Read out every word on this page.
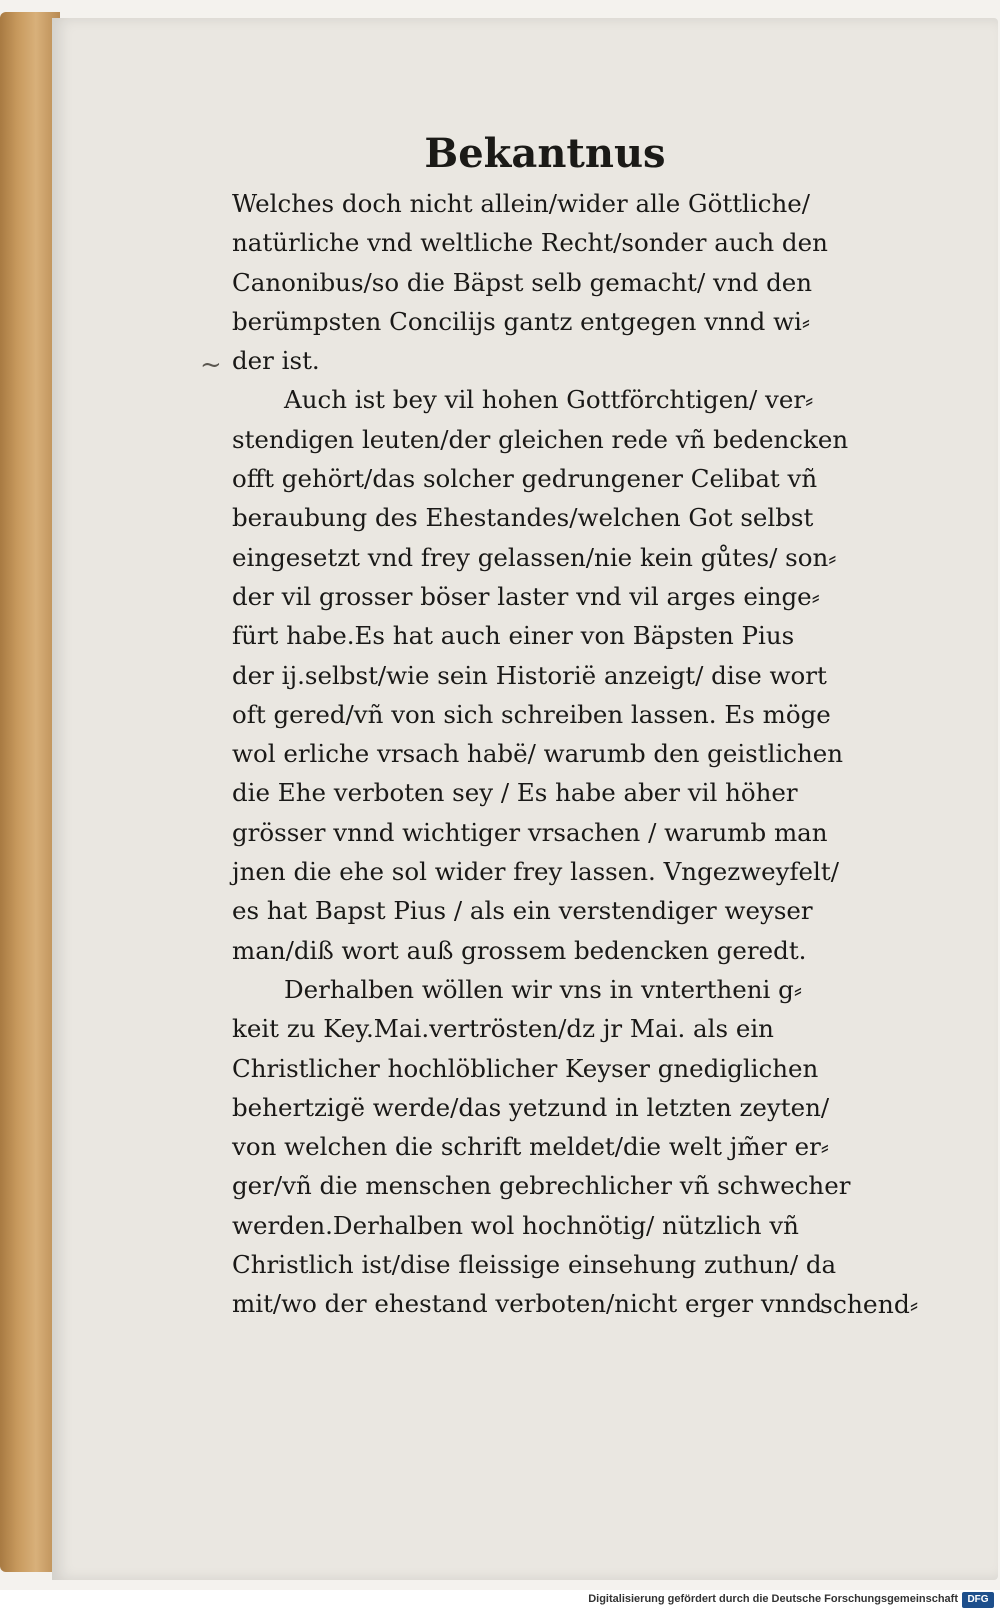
Bekantnus
~
Welches doch nicht allein/wider alle Göttliche/
natürliche vnd weltliche Recht/sonder auch den
Canonibus/so die Bäpst selb gemacht/ vnd den
berümpsten Concilijs gantz entgegen vnnd wi⸗
der ist.
Auch ist bey vil hohen Gottförchtigen/ ver⸗
stendigen leuten/der gleichen rede vñ bedencken
offt gehört/das solcher gedrungener Celibat vñ
beraubung des Ehestandes/welchen Got selbst
eingesetzt vnd frey gelassen/nie kein gůtes/ son⸗
der vil grosser böser laster vnd vil arges einge⸗
fürt habe.Es hat auch einer von Bäpsten Pius
der ij.selbst/wie sein Historië anzeigt/ dise wort
oft gered/vñ von sich schreiben lassen. Es möge
wol erliche vrsach habë/ warumb den geistlichen
die Ehe verboten sey / Es habe aber vil höher
grösser vnnd wichtiger vrsachen / warumb man
jnen die ehe sol wider frey lassen. Vngezweyfelt/
es hat Bapst Pius / als ein verstendiger weyser
man/diß wort auß grossem bedencken geredt.
Derhalben wöllen wir vns in vntertheni g⸗
keit zu Key.Mai.vertrösten/dz jr Mai. als ein
Christlicher hochlöblicher Keyser gnediglichen
behertzigë werde/das yetzund in letzten zeyten/
von welchen die schrift meldet/die welt jm̃er er⸗
ger/vñ die menschen gebrechlicher vñ schwecher
werden.Derhalben wol hochnötig/ nützlich vñ
Christlich ist/dise fleissige einsehung zuthun/ da
mit/wo der ehestand verboten/nicht erger vnnd
schend⸗
Digitalisierung gefördert durch die Deutsche Forschungsgemeinschaft DFG
